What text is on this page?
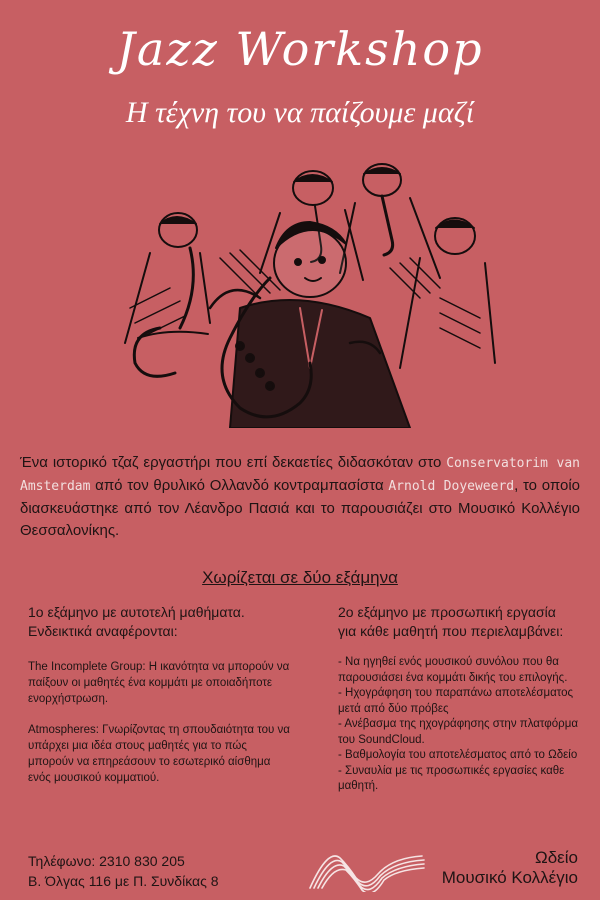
Jazz Workshop
Η τέχνη του να παίζουμε μαζί
Ένα ιστορικό τζαζ εργαστήρι που επί δεκαετίες διδασκόταν στο Conservatorim van Amsterdam από τον θρυλικό Ολλανδό κοντραμπασίστα Arnold Doyeweerd, το οποίο διασκευάστηκε από τον Λέανδρο Πασιά και το παρουσιάζει στο Μουσικό Κολλέγιο Θεσσαλονίκης.
Χωρίζεται σε δύο εξάμηνα

1ο εξάμηνο με αυτοτελή μαθήματα.
Ενδεικτικά αναφέρονται:

The Incomplete Group: Η ικανότητα να μπορούν να παίξουν οι μαθητές ένα κομμάτι με οποιαδήποτε ενορχήστρωση.

Atmospheres: Γνωρίζοντας τη σπουδαιότητα του να υπάρχει μια ιδέα στους μαθητές για το πώς μπορούν να επηρεάσουν το εσωτερικό αίσθημα ενός μουσικού κομματιού.

2ο εξάμηνο με προσωπική εργασία
για κάθε μαθητή που περιελαμβάνει:

- Να ηγηθεί ενός μουσικού συνόλου που θα παρουσιάσει ένα κομμάτι δικής του επιλογής.
- Ηχογράφηση του παραπάνω αποτελέσματος μετά από δύο πρόβες
- Ανέβασμα της ηχογράφησης στην πλατφόρμα του SoundCloud.
- Βαθμολογία του αποτελέσματος από το Ωδείο
- Συναυλία με τις προσωπικές εργασίες καθε μαθητή.
Τηλέφωνο: 2310 830 205
Β. Όλγας 116 με Π. Συνδίκας 8
Ωδείο
Μουσικό Κολλέγιο
